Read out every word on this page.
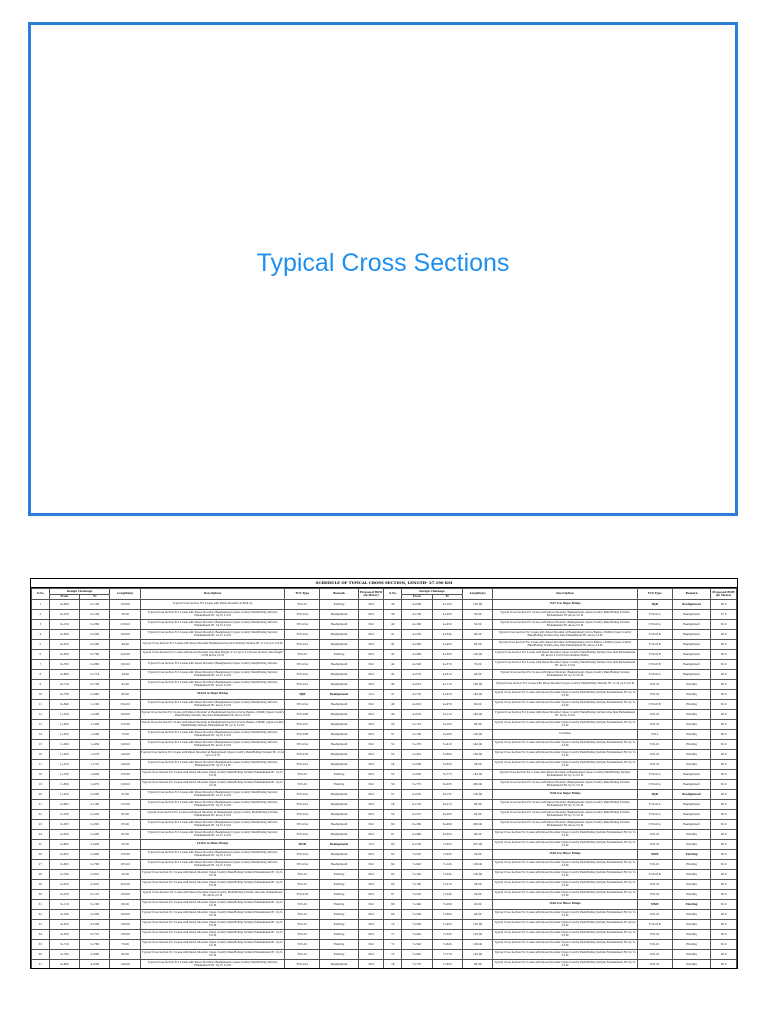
Typical Cross Sections
SCHEDULE OF TYPICAL CROSS SECTION, LENGTH- 27.190 KM
S.No	Design Chainage		Length(m)	Description	TCS Type	Remark	Proposed ROW (in Meter)	S.No	Design Chainage		Length(m)	Description	TCS Type	Remark	Proposed ROW (in Meter)
	From	To							From	To					
1	0+000	0+100	100.00	Typical Cross Section For 2-Lane with Paved Shoulder in Built up	TCS-01	Existing	30.0	38	4+000	4+150	150.00	1X27.0 m Major Bridge	MJB	Realignment	30.0
2	0+100	0+130	30.00	Typical Cross Section For 2-Lane with Paved Shoulder (Realignment) (Open Country Plain/Rolling Terrain) Embankment Ht. Up To 3.0 M	TCS-01A	Realignment	30.0	39	4+150	4+200	50.00	Typical Cross Section For 2-Lane with Paved Shoulder (Realignment) (Open Country Plain/Rolling Terrain) Embankment Ht. above 3.0 M	TCS-01A	Realignment	27.0
3	0+130	0+360	230.00	Typical Cross Section For 2-Lane with Paved Shoulder (Realignment) (Open Country Plain/Rolling Terrain) Embankment Ht. Up To 3.0 M	TCS-01A	Realignment	30.0	40	4+200	4+250	50.00	Typical Cross Section For 2-Lane with Paved Shoulder (Realignment) (Open Country Plain/Rolling Terrain) Embankment Ht. above 3.0 M	TCS-01A	Realignment	30.0
4	0+360	0+520	160.00	Typical Cross Section For 2-Lane with Paved Shoulder (Realignment) (Open Country Plain/Rolling Terrain) Embankment Ht. Up To 3.0 M	TCS-01A	Realignment	30.0	41	4+250	4+340	90.00	Typical Cross Section For 2-Lane with Paved Shoulder at Realignment (Curve Radius <300M) (Open Country Plain/Rolling Terrain) One Side Embankment Ht. above 3.0 M	TCS-01B	Realignment	30.0
5	0+520	0+560	40.00	Typical Cross Section For 2-Lane with Paved Shoulder Realignment Section (Rolling Terrain) Ht. of cut up to 6.0 M	TCS-01A	Realignment	30.0	42	4+340	4+400	60.00	Typical Cross Section For 2-Lane with Paved Shoulder at Realignment (Curve Radius <300M) (Open Country Plain/Rolling Terrain) One Side Embankment Ht. above 3.0 M	TCS-01B	Realignment	30.0
6	0+560	0+780	220.00	Typical Cross Section For 2-Lane with Paved Shoulder One Side Height of cut up to 6.0 M and Another Side Height of Fill above 3.0 M	TCS-01	Existing	30.0	43	4+400	4+500	100.00	Typical Cross Section For 2-Lane with Paved Shoulder (Open Country Plain/Rolling Terrain) One Side Embankment Ht. above 3.0 M (Curve Radius<300m)	TCS-01B	Realignment	30.0
7	0+780	0+880	100.00	Typical Cross Section For 2-Lane with Paved Shoulder (Realignment) (Open Country Plain/Rolling Terrain)	TCS-01A	Realignment	30.0	44	4+500	4+570	70.00	Typical Cross Section For 2-Lane with Paved Shoulder (Open Country Plain/Rolling Terrain) One Side Embankment Ht. above 3.0 M	TCS-01B	Realignment	30.0
8	0+880	0+714	34.00	Typical Cross Section For 2-Lane with Paved Shoulder (Realignment) (Open Country Plain/Rolling Terrain) Embankment Ht. Up To 3.0 M	TCS-01A	Realignment	30.0	45	4+570	4+610	40.00	Typical Cross Section For 2-Lane with Paved Shoulder (Realignment) (Open Country Plain/Rolling Terrain) Embankment Ht. Up To 3.0 M	TCS-01A	Realignment	30.0
9	0+714	0+756	42.00	Typical Cross Section For 2-Lane with Paved Shoulder (Realignment) (Open Country Plain/Rolling Terrain) Embankment Ht. above 3.0 M	TCS-01A	Realignment	30.0	46	4+610	4+770	160.00	Typical Cross Section For 2-Lane with Paved Shoulder (Open Country Plain/Rolling Terrain) Ht. of cut up to 6.0 M	TCS-01	Existing	30.0
10	0+756	0+846	90.00	3X20.0 m Major Bridge	MJB	Realignment	12.0	47	4+770	4+910	140.00	Typical Cross Section For 2-Lane with Paved Shoulder (Open Country Plain/Rolling Terrain) Embankment Ht. Up To 3.0 M	TCS-01	Existing	30.0
11	0+846	1+100	254.00	Typical Cross Section For 2-Lane with Paved Shoulder (Realignment) (Open Country Plain/Rolling Terrain) Embankment Ht. above 3.0 M	TCS-01A	Realignment	30.0	48	4+910	4+970	60.00	Typical Cross Section For 2-Lane with Paved Shoulder (Open Country Plain/Rolling Terrain) Embankment Ht. Up To 3.0 M	TCS-01B	Existing	30.0
12	1+100	1+200	100.00	Typical Cross Section For 2-Lane with Paved Shoulder at Realignment Section (Curve Radius <300M) (Open Country Plain/Rolling Terrain) One Side Embankment Ht. above 3.0 M	TCS-01B	Realignment	30.0	49	4+970	5+110	140.00	Typical Cross Section For 2-Lane with Paved Shoulder (Open Country Plain/Rolling Terrain) One Side Embankment Ht. above 3.0 M	TCS-01	Existing	30.0
13	1+200	1+320	120.00	Typical Cross Section For 2-Lane with Paved Shoulder at Realignment Section (Curve Radius <300M) (Open Country Plain/Rolling Terrain) Embankment Ht. up To 3.0 M	TCS-01C	Realignment	30.0	50	5+110	5+190	80.00	Typical Cross Section For 2-Lane with Paved Shoulder (Open Country Plain/Rolling Terrain) Embankment Ht. Up To 3.0 M	TCS-01	Existing	30.0
14	1+320	1+290	70.00	Typical Cross Section For 2-Lane with Paved Shoulder (Realignment) (Open Country Plain/Rolling Terrain) Embankment Ht. Up To 3.0 M	TCS-01B	Realignment	30.0	51	5+190	5+290	100.00	Toll Plaza	TOLL	Existing	60.0
15	1+290	1+430	140.00	Typical Cross Section For 2-Lane with Paved Shoulder (Realignment) (Open Country Plain/Rolling Terrain) Embankment Ht. above 3.0 M	TCS-01A	Realignment	30.0	52	5+270	5+410	140.00	Typical Cross Section For 2-Lane with Paved Shoulder (Open Country Plain/Rolling Terrain) Embankment Ht. Up To 3.0 M	TCS-01	Existing	30.0
16	1+430	1+570	140.00	Typical Cross Section For 2-Lane with Paved Shoulder at Realignment (Open Country Plain/Rolling Terrain) Ht. of cut up to 6.0 M	TCS-01D	Realignment	30.0	53	5+410	5+600	190.00	Typical Cross Section For 2-Lane with Paved Shoulder (Open Country Plain/Rolling Terrain) Embankment Ht. Up To 3.0 M	TCS-01	Existing	30.0
17	1+570	1+710	140.00	Typical Cross Section For 2-Lane with Paved Shoulder (Realignment) (Open Country Plain/Rolling Terrain) Embankment Ht. up To 3.0 M	TCS-01A	Realignment	30.0	54	5+600	5+630	30.00	Typical Cross Section For 2-Lane with Paved Shoulder (Open Country Plain/Rolling Terrain) Embankment Ht. Up To 3.0 M	TCS-01	Existing	30.0
18	1+700	1+850	150.00	Typical Cross Section For 2-Lane with Paved Shoulder (Open Country Plain/Rolling Terrain) Embankment Ht. Up To 3.0 M	TCS-01	Existing	30.0	55	5+630	5+775	145.00	Typical Cross Section For 2-Lane with Paved Shoulder at Realignment (Open Country Plain/Rolling Terrain) Embankment Ht. Up To 3.0 M	TCS-01A	Realignment	30.0
19	1+850	1+970	120.00	Typical Cross Section For 2-Lane with Paved Shoulder (Open Country Plain/Rolling Terrain) Embankment Ht. Up To 3.0 M	TCS-01	Existing	30.0	56	5+775	6+035	260.00	Typical Cross Section For 2-Lane with Paved Shoulder (Realignment) (Open Country Plain/Rolling Terrain) Embankment Ht. Up To 3.0 M	TCS-01A	Realignment	30.0
20	1+970	2+005	35.00	Typical Cross Section For 2-Lane with Paved Shoulder (Realignment) (Open Country Plain/Rolling Terrain) Embankment Ht. Up To 3.0 M	TCS-01A	Realignment	30.0	57	6+035	6+135	100.00	1X30.0 m Major Bridge	MJB	Realignment	30.0
21	2+005	2+160	155.00	Typical Cross Section For 2-Lane with Paved Shoulder (Realignment) (Open Country Plain/Rolling Terrain) Embankment Ht. Up To 3.0 M	TCS-01A	Realignment	30.0	58	6+135	6+215	80.00	Typical Cross Section For 2-Lane with Paved Shoulder (Realignment) (Open Country Plain/Rolling Terrain) Embankment Ht. Up To 3.0 M	TCS-01A	Realignment	30.0
22	2+160	2+255	95.00	Typical Cross Section For 2-Lane with Paved Shoulder at Realignment (Open Country Plain/Rolling Terrain) Embankment Ht. above 3.0 M	TCS-01A	Realignment	30.0	59	6+215	6+260	45.00	Typical Cross Section For 2-Lane with Paved Shoulder (Realignment) (Open Country Plain/Rolling Terrain) Embankment Ht. Up To 3.0 M	TCS-01A	Realignment	30.0
23	2+255	2+320	65.00	Typical Cross Section For 2-Lane with Paved Shoulder (Realignment) (Open Country Plain/Rolling Terrain) Embankment Ht. Up To 3.0 M	TCS-01A	Realignment	30.0	60	6+260	6+460	200.00	Typical Cross Section For 2-Lane with Paved Shoulder (Realignment) (Open Country Plain/Rolling Terrain) Embankment Ht. above 3.0 M	TCS-01A	Realignment	30.0
24	2+320	2+405	85.00	Typical Cross Section For 2-Lane with Paved Shoulder (Realignment) (Open Country Plain/Rolling Terrain) Embankment Ht. Up To 3.0 M	TCS-01A	Realignment	30.0	61	6+460	6+550	90.00	Typical Cross Section For 2-Lane with Paved Shoulder (Open Country Plain/Rolling Terrain) Embankment Ht. Up To 3.0 M	TCS-01	Existing	30.0
25	2+405	2+455	50.00	1X30.0 m Minor Bridge	MNB	Realignment	12.0	62	6+550	7+025	475.00	Typical Cross Section For 2-Lane with Paved Shoulder (Open Country Plain/Rolling Terrain) Embankment Ht. Up To 3.0 M	TCS-01	Existing	30.0
26	2+455	2+605	150.00	Typical Cross Section For 2-Lane with Paved Shoulder (Realignment) (Open Country Plain/Rolling Terrain) Embankment Ht. Up To 3.0 M	TCS-01A	Realignment	30.0	63	7+025	7+045	20.00	1X20.0 m Minor Bridge	MNB	Existing	30.0
27	2+605	2+790	185.00	Typical Cross Section For 2-Lane with Paved Shoulder (Realignment) (Open Country Plain/Rolling Terrain) Embankment Ht. Up To 3.0 M	TCS-01A	Realignment	30.0	64	7+045	7+145	100.00	Typical Cross Section For 2-Lane with Paved Shoulder (Open Country Plain/Rolling Terrain) Embankment Ht. Up To 3.0 M	TCS-01	Existing	30.0
28	2+790	2+810	20.00	Typical Cross Section For 2-Lane with Paved Shoulder (Open Country Plain/Rolling Terrain) Embankment Ht. Up To 3.0 M	TCS-01	Existing	30.0	65	7+145	7+245	100.00	Typical Cross Section For 2-Lane with Paved Shoulder (Open Country Plain/Rolling Terrain) Embankment Ht. Up To 3.0 M	TCS-01B	Existing	30.0
29	2+810	3+010	200.00	Typical Cross Section For 2-Lane with Paved Shoulder (Open Country Plain/Rolling Terrain) Embankment Ht. Up To 3.0 M	TCS-01	Existing	30.0	66	7+180	7+210	30.00	Typical Cross Section For 2-Lane with Paved Shoulder (Open Country Plain/Rolling Terrain) Embankment Ht. Up To 3.0 M	TCS-01	Existing	30.0
30	3+010	3+110	100.00	Typical Cross Section For 2-Lane with Paved Shoulder (Open Country Plain/Rolling Terrain) One Side Embankment Ht. above 3.0 M	TCS-01D	Existing	30.0	67	7+220	7+240	20.00	Typical Cross Section For 2-Lane with Paved Shoulder (Open Country Plain/Rolling Terrain) Embankment Ht. Up To 3.0 M	TCS-01	Existing	30.0
31	3+110	3+190	80.00	Typical Cross Section For 2-Lane with Paved Shoulder (Open Country Plain/Rolling Terrain) Embankment Ht. Up To 3.0 M	TCS-01	Existing	30.0	68	7+240	7+260	20.00	1X20.0 m Minor Bridge	MNB	Existing	30.0
32	3+190	3+350	160.00	Typical Cross Section For 2-Lane with Paved Shoulder (Open Country Plain/Rolling Terrain) Embankment Ht. Up To 3.0 M	TCS-01	Existing	30.0	69	7+260	7+300	40.00	Typical Cross Section For 2-Lane with Paved Shoulder (Open Country Plain/Rolling Terrain) Embankment Ht. Up To 3.0 M	TCS-01	Existing	30.0
33	3+350	3+530	180.00	Typical Cross Section For 2-Lane with Paved Shoulder (Open Country Plain/Rolling Terrain) Embankment Ht. Up To 3.0 M	TCS-01	Existing	30.0	70	7+300	7+420	120.00	Typical Cross Section For 2-Lane with Paved Shoulder (Open Country Plain/Rolling Terrain) Embankment Ht. above 3.0 M	TCS-01B	Existing	30.0
34	3+530	3+710	180.00	Typical Cross Section For 2-Lane with Paved Shoulder (Open Country Plain/Rolling Terrain) Embankment Ht. Up To 3.0 M	TCS-01	Existing	30.0	71	7+420	7+545	125.00	Typical Cross Section For 2-Lane with Paved Shoulder (Open Country Plain/Rolling Terrain) Embankment Ht. Up To 3.0 M	TCS-01	Existing	30.0
35	3+710	3+780	70.00	Typical Cross Section For 2-Lane with Paved Shoulder (Open Country Plain/Rolling Terrain) Embankment Ht. Up To 3.0 M	TCS-01	Existing	30.0	72	7+545	7+645	100.00	Typical Cross Section For 2-Lane with Paved Shoulder (Open Country Plain/Rolling Terrain) Embankment Ht. Up To 3.0 M	TCS-01	Existing	30.0
36	3+780	3+860	80.00	Typical Cross Section For 2-Lane with Paved Shoulder (Open Country Plain/Rolling Terrain) Embankment Ht. Up To 3.0 M	TCS-01	Existing	30.0	73	7+645	7+770	125.00	Typical Cross Section For 2-Lane with Paved Shoulder (Open Country Plain/Rolling Terrain) Embankment Ht. Up To 3.0 M	TCS-01	Existing	30.0
37	3+860	4+000	140.00	Typical Cross Section For 2-Lane with Paved Shoulder (Realignment) (Open Country Plain/Rolling Terrain) Embankment Ht. Up To 3.0 M	TCS-01A	Realignment	30.0	74	7+770	7+850	80.00	Typical Cross Section For 2-Lane with Paved Shoulder (Open Country Plain/Rolling Terrain) Embankment Ht. Up To 3.0 M	TCS-01	Existing	30.0
